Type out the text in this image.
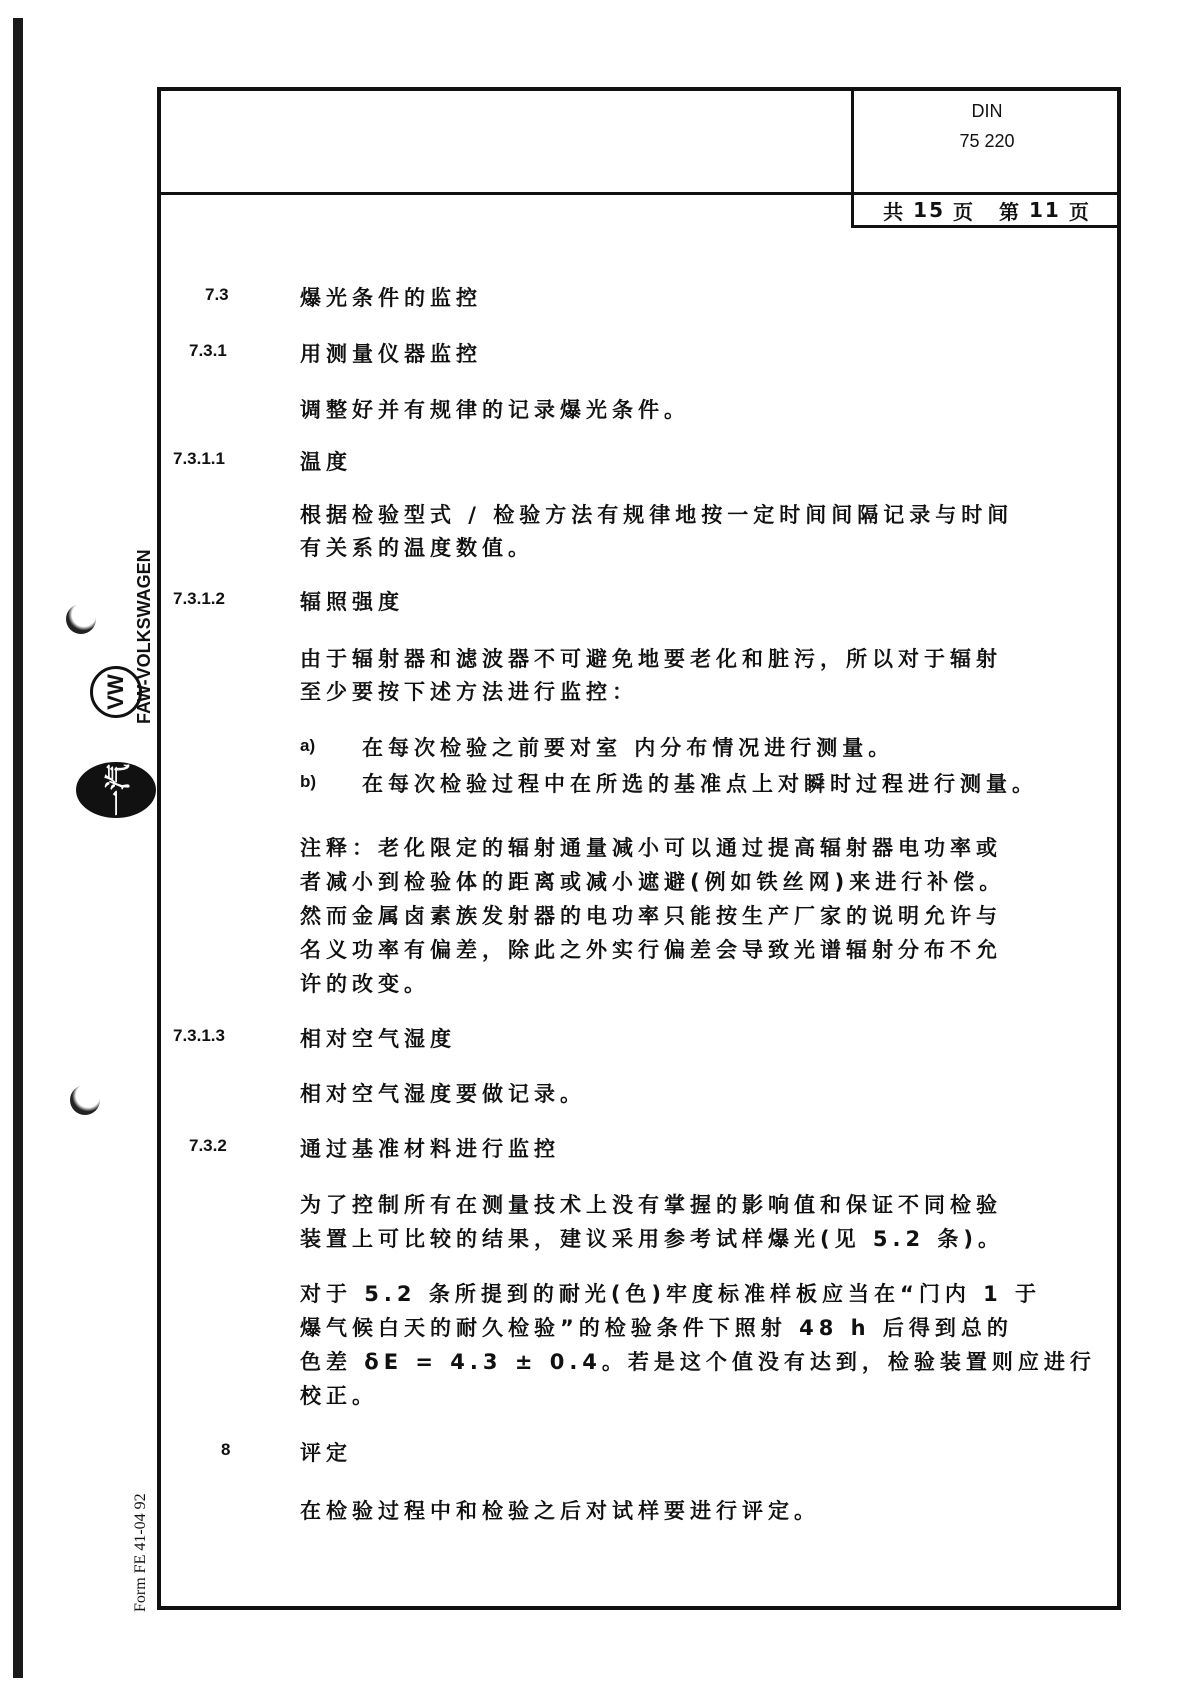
VW
一汽
FAW-VOLKSWAGEN
Form FE 41-04 92
DIN
75 220
共 15 页 第 11 页
7.3	爆光条件的监控
7.3.1	用测量仪器监控
调整好并有规律的记录爆光条件。
7.3.1.1	温度
根据检验型式 / 检验方法有规律地按一定时间间隔记录与时间
有关系的温度数值。
7.3.1.2	辐照强度
由于辐射器和滤波器不可避免地要老化和脏污，所以对于辐射
至少要按下述方法进行监控：
a) 在每次检验之前要对室 内分布情况进行测量。
b) 在每次检验过程中在所选的基准点上对瞬时过程进行测量。
注释：老化限定的辐射通量减小可以通过提高辐射器电功率或
者减小到检验体的距离或减小遮避(例如铁丝网)来进行补偿。
然而金属卤素族发射器的电功率只能按生产厂家的说明允许与
名义功率有偏差，除此之外实行偏差会导致光谱辐射分布不允
许的改变。
7.3.1.3	相对空气湿度
相对空气湿度要做记录。
7.3.2	通过基准材料进行监控
为了控制所有在测量技术上没有掌握的影响值和保证不同检验
装置上可比较的结果，建议采用参考试样爆光(见 5.2 条)。
对于 5.2 条所提到的耐光(色)牢度标准样板应当在“门内 1 于
爆气候白天的耐久检验”的检验条件下照射 48 h 后得到总的
色差 δE = 4.3 ± 0.4。若是这个值没有达到，检验装置则应进行
校正。
8	评定
在检验过程中和检验之后对试样要进行评定。
